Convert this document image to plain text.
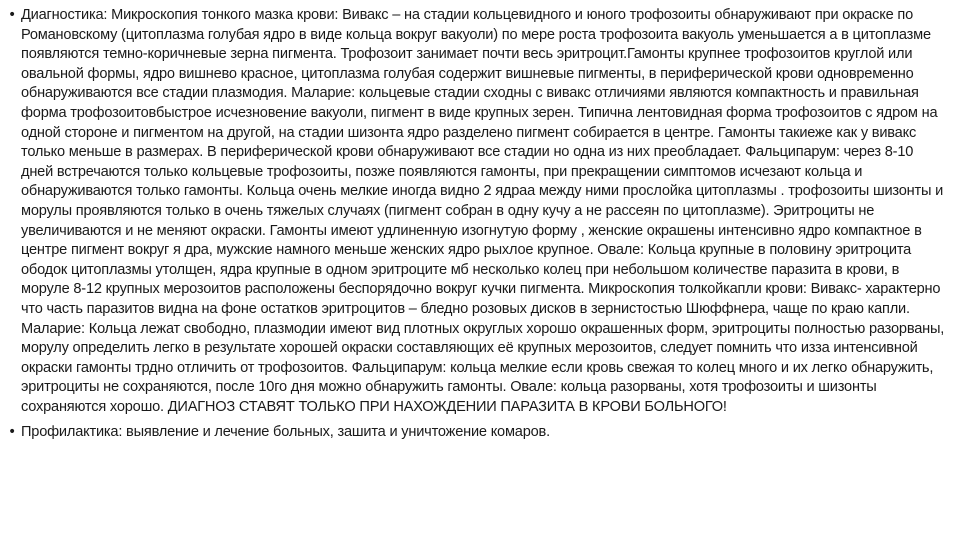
• Диагностика: Микроскопия тонкого мазка крови: Вивакс – на стадии кольцевидного и юного трофозоиты обнаруживают при окраске по Романовскому (цитоплазма голубая ядро в виде кольца вокруг вакуоли) по мере роста трофозоита вакуоль уменьшается а в цитоплазме появляются темно-коричневые зерна пигмента. Трофозоит занимает почти весь эритроцит.Гамонты крупнее трофозоитов круглой или овальной формы, ядро вишнево красное, цитоплазма голубая содержит вишневые пигменты, в периферической крови одновременно обнаруживаются все стадии плазмодия. Маларие: кольцевые стадии сходны с вивакс отличиями являются компактность и правильная форма трофозоитовбыстрое исчезновение вакуоли, пигмент в виде крупных зерен. Типична лентовидная форма трофозоитов с ядром на одной стороне и пигментом на другой, на стадии шизонта ядро разделено пигмент собирается в центре. Гамонты такиеже как у вивакс только меньше в размерах. В периферической крови обнаруживают все стадии но одна из них преобладает. Фальципарум: через 8-10 дней встречаются только кольцевые трофозоиты, позже появляются гамонты, при прекращении симптомов исчезают кольца и обнаруживаются только гамонты. Кольца очень мелкие иногда видно 2 ядраа между ними прослойка цитоплазмы . трофозоиты шизонты и морулы проявляются только в очень тяжелых случаях (пигмент собран в одну кучу а не рассеян по цитоплазме). Эритроциты не увеличиваются и не меняют окраски. Гамонты имеют удлиненную изогнутую форму , женские окрашены интенсивно ядро компактное в центре пигмент вокруг я дра, мужские намного меньше женских ядро рыхлое крупное. Овале: Кольца крупные в половину эритроцита ободок цитоплазмы утолщен, ядра крупные в одном эритроците мб несколько колец при небольшом количестве паразита в крови, в моруле 8-12 крупных мерозоитов расположены беспорядочно вокруг кучки пигмента. Микроскопия толкойкапли крови: Вивакс- характерно что часть паразитов видна на фоне остатков эритроцитов – бледно розовых дисков в зернистостью Шюффнера, чаще по краю капли. Маларие: Кольца лежат свободно, плазмодии имеют вид плотных округлых хорошо окрашенных форм, эритроциты полностью разорваны, морулу определить легко в результате хорошей окраски составляющих её крупных мерозоитов, следует помнить что изза интенсивной окраски гамонты трдно отличить от трофозоитов. Фальципарум: кольца мелкие если кровь свежая то колец много и их легко обнаружить, эритроциты не сохраняются, после 10го дня можно обнаружить гамонты. Овале: кольца разорваны, хотя трофозоиты и шизонты сохраняются хорошо. ДИАГНОЗ СТАВЯТ ТОЛЬКО ПРИ НАХОЖДЕНИИ ПАРАЗИТА В КРОВИ БОЛЬНОГО!
• Профилактика: выявление и лечение больных, зашита и уничтожение комаров.
